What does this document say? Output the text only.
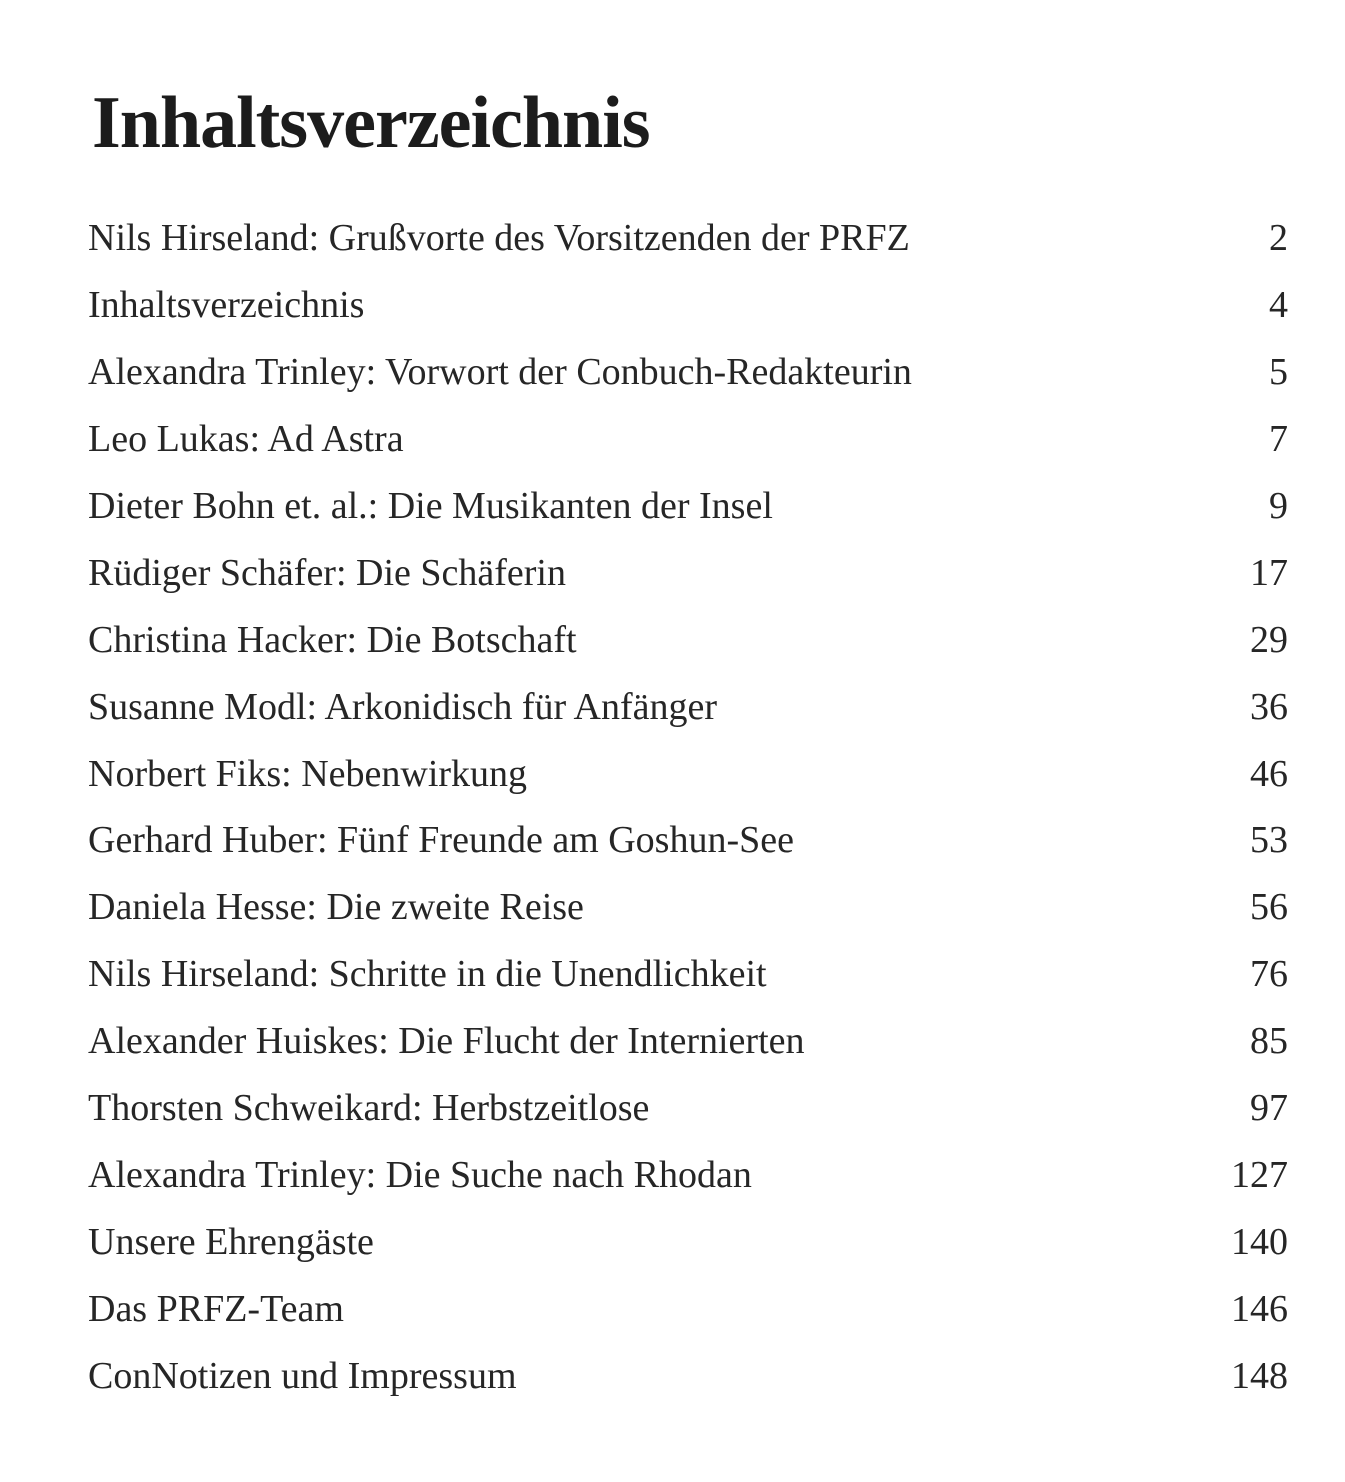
Inhaltsverzeichnis
Nils Hirseland: Grußvorte des Vorsitzenden der PRFZ	2
Inhaltsverzeichnis	4
Alexandra Trinley: Vorwort der Conbuch-Redakteurin	5
Leo Lukas: Ad Astra	7
Dieter Bohn et. al.: Die Musikanten der Insel	9
Rüdiger Schäfer: Die Schäferin	17
Christina Hacker: Die Botschaft	29
Susanne Modl: Arkonidisch für Anfänger	36
Norbert Fiks: Nebenwirkung	46
Gerhard Huber: Fünf Freunde am Goshun-See	53
Daniela Hesse: Die zweite Reise	56
Nils Hirseland: Schritte in die Unendlichkeit	76
Alexander Huiskes: Die Flucht der Internierten	85
Thorsten Schweikard: Herbstzeitlose	97
Alexandra Trinley: Die Suche nach Rhodan	127
Unsere Ehrengäste	140
Das PRFZ-Team	146
ConNotizen und Impressum	148
